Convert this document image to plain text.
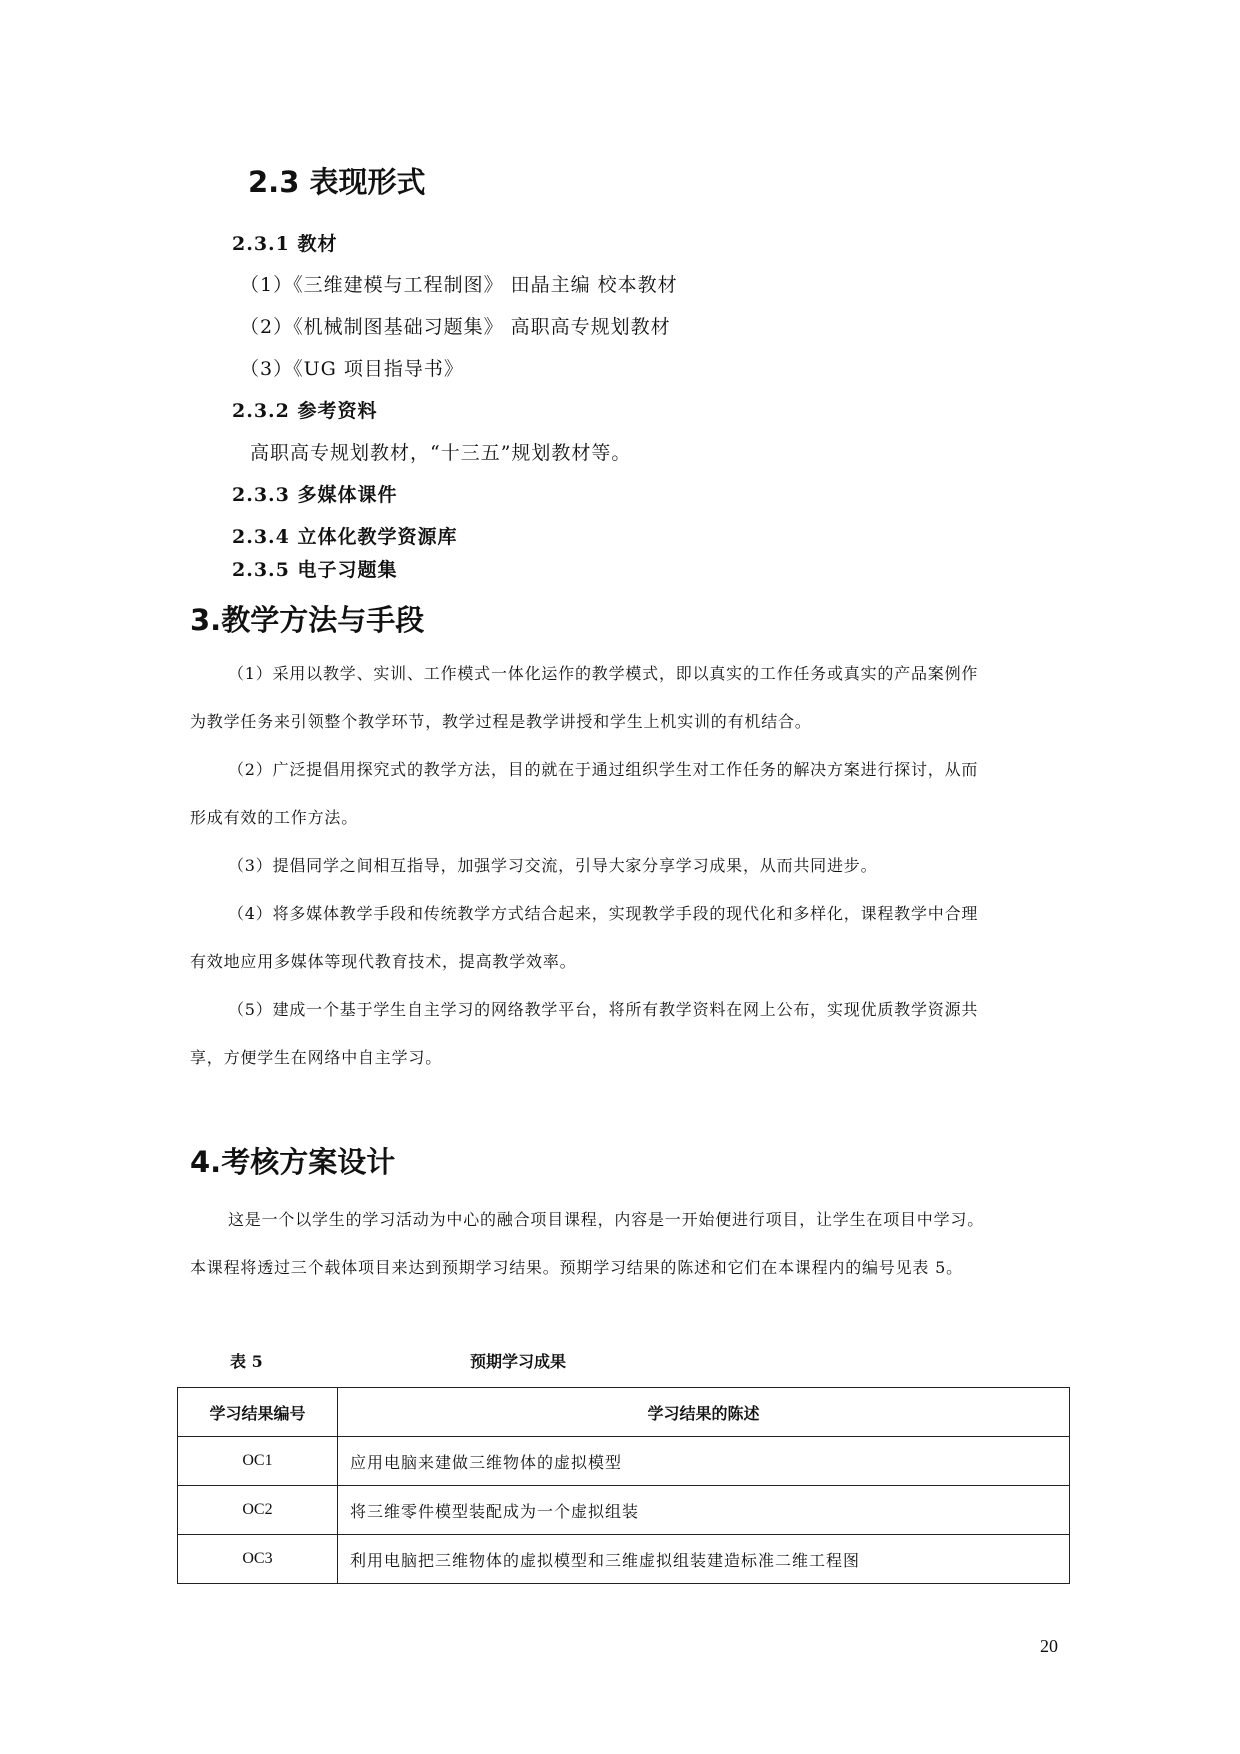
2.3 表现形式
2.3.1 教材
（1）《三维建模与工程制图》 田晶主编 校本教材
（2）《机械制图基础习题集》 高职高专规划教材
（3）《UG 项目指导书》
2.3.2 参考资料
高职高专规划教材，“十三五”规划教材等。
2.3.3 多媒体课件
2.3.4 立体化教学资源库
2.3.5 电子习题集
3.教学方法与手段

（1）采用以教学、实训、工作模式一体化运作的教学模式，即以真实的工作任务或真实的产品案例作

为教学任务来引领整个教学环节，教学过程是教学讲授和学生上机实训的有机结合。

（2）广泛提倡用探究式的教学方法，目的就在于通过组织学生对工作任务的解决方案进行探讨，从而

形成有效的工作方法。

（3）提倡同学之间相互指导，加强学习交流，引导大家分享学习成果，从而共同进步。

（4）将多媒体教学手段和传统教学方式结合起来，实现教学手段的现代化和多样化，课程教学中合理

有效地应用多媒体等现代教育技术，提高教学效率。

（5）建成一个基于学生自主学习的网络教学平台，将所有教学资料在网上公布，实现优质教学资源共

享，方便学生在网络中自主学习。

4.考核方案设计

这是一个以学生的学习活动为中心的融合项目课程，内容是一开始便进行项目，让学生在项目中学习。

本课程将透过三个载体项目来达到预期学习结果。预期学习结果的陈述和它们在本课程内的编号见表 5。

表 5	预期学习成果
学习结果编号	学习结果的陈述
OC1	应用电脑来建做三维物体的虚拟模型
OC2	将三维零件模型装配成为一个虚拟组装
OC3	利用电脑把三维物体的虚拟模型和三维虚拟组装建造标准二维工程图
20
